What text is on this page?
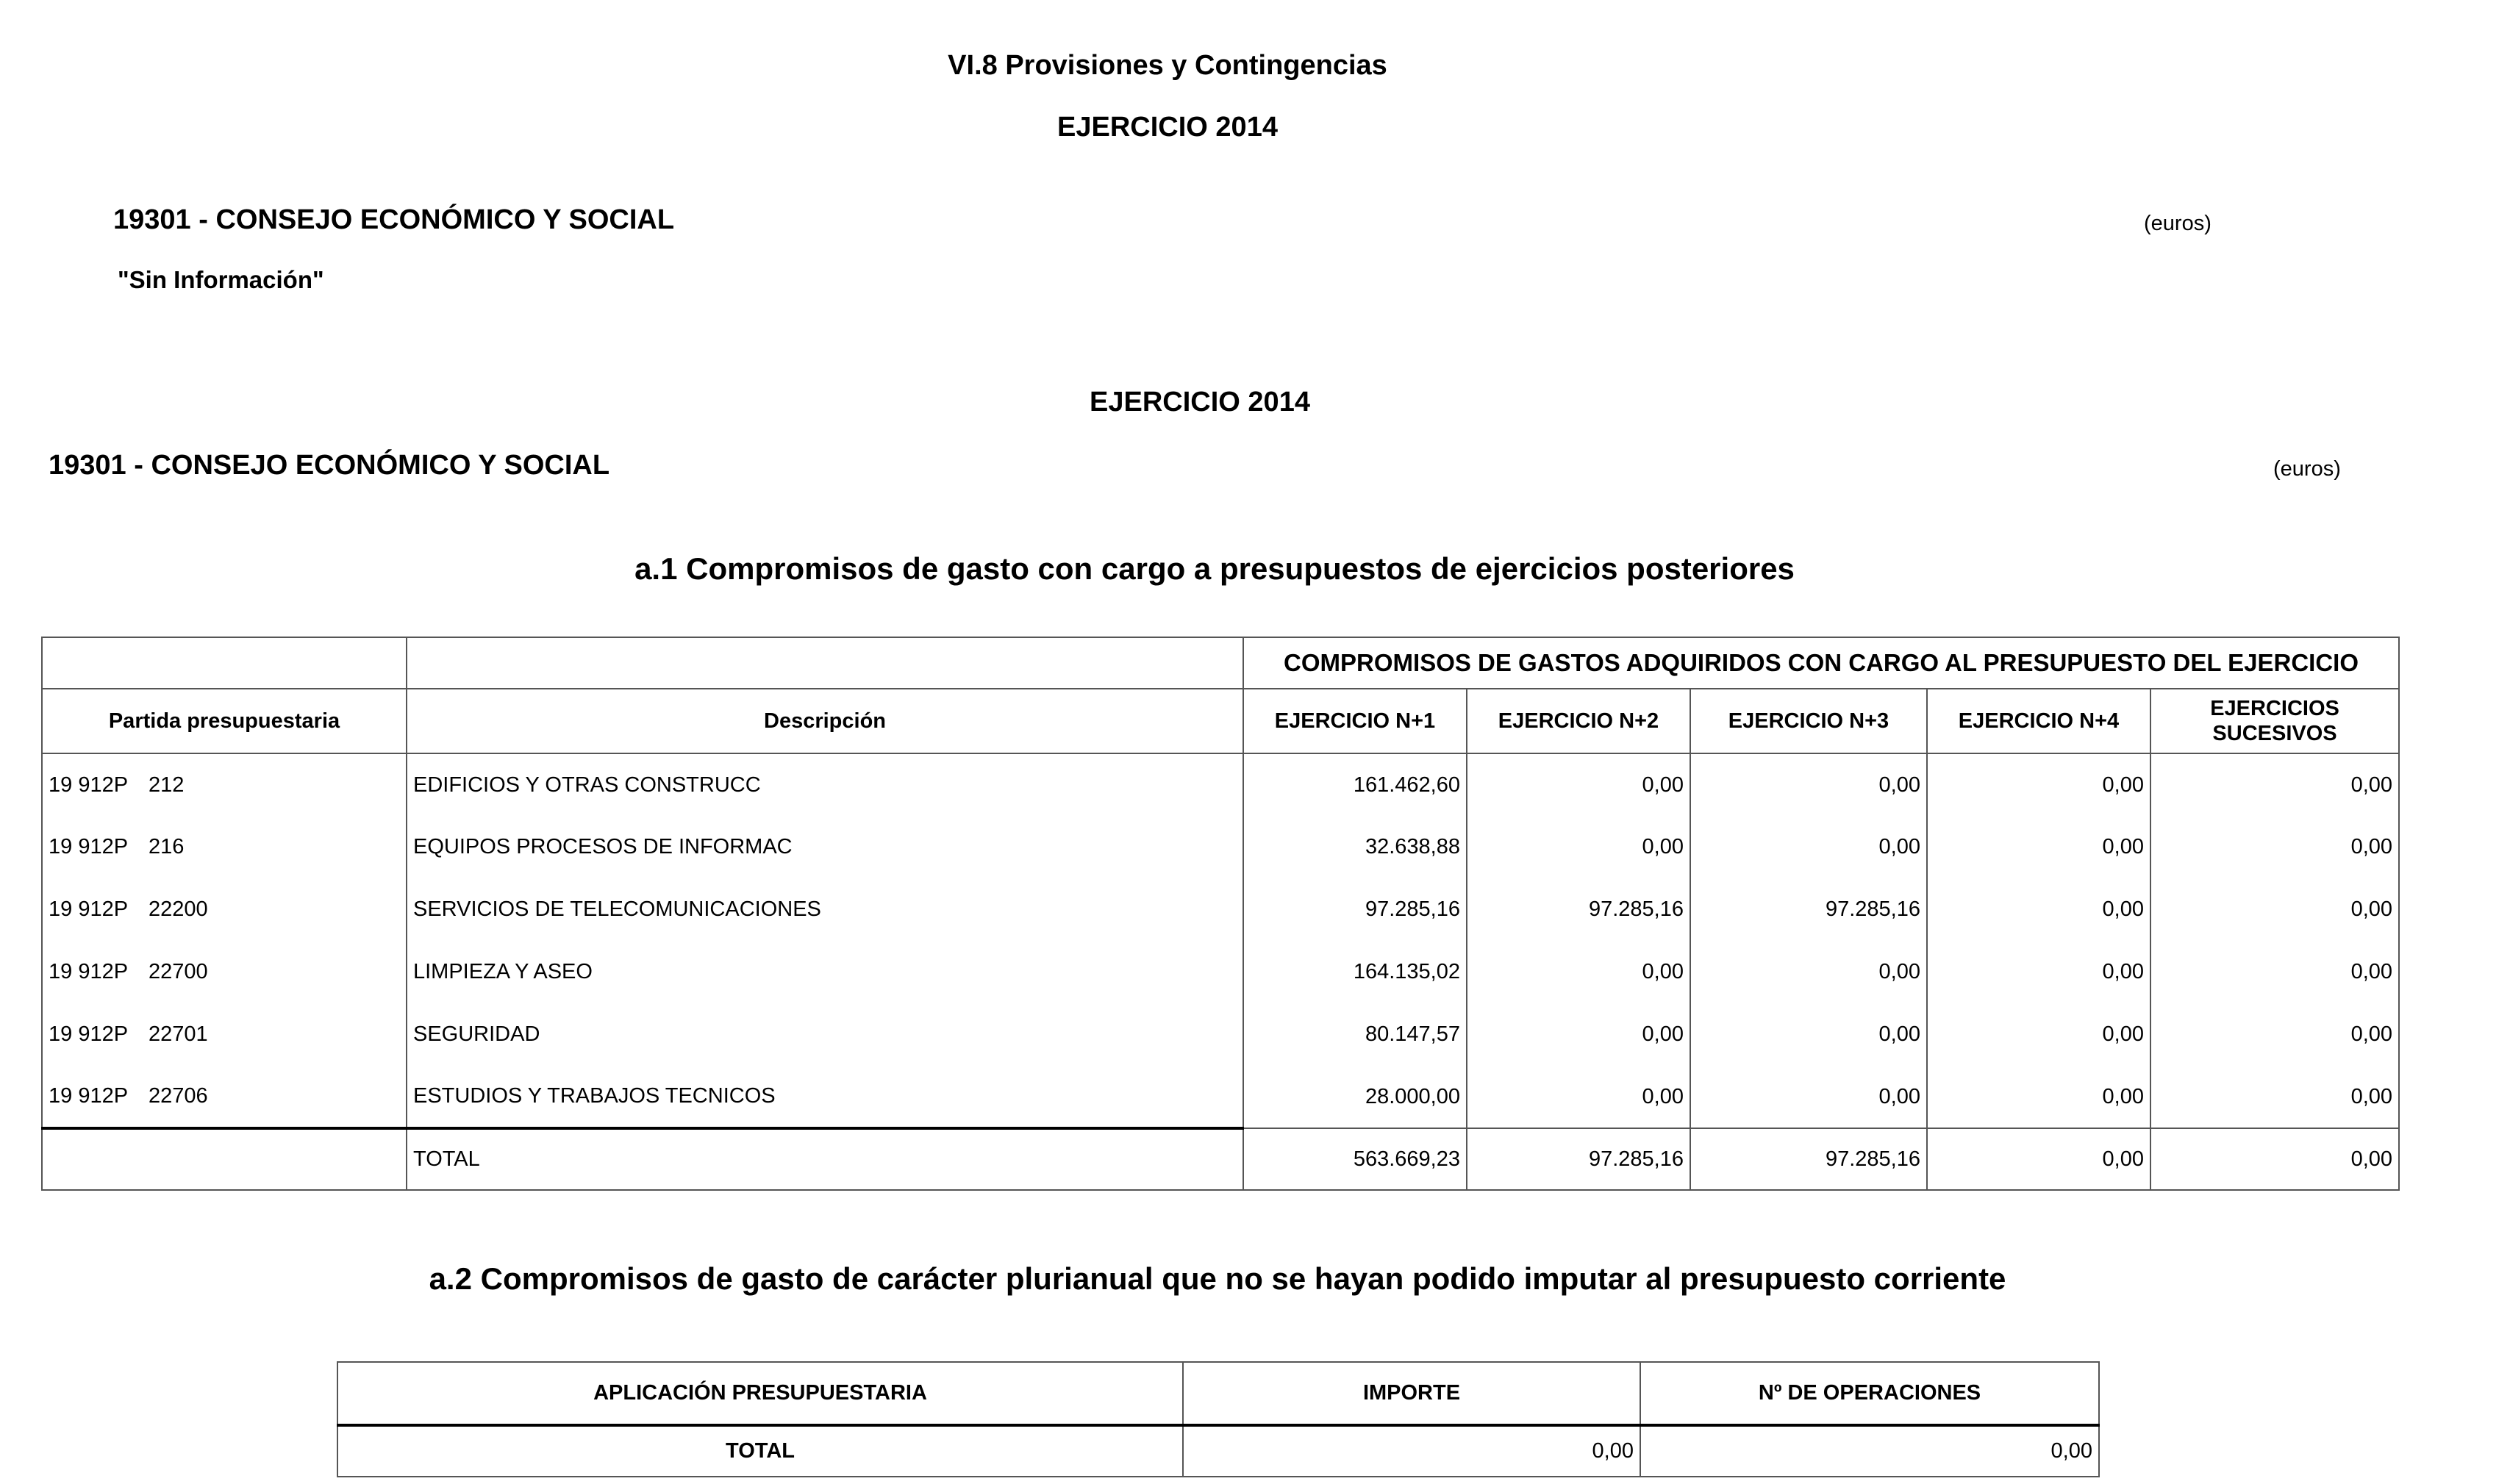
VI.8 Provisiones y Contingencias
EJERCICIO 2014
19301 - CONSEJO ECONÓMICO Y SOCIAL	(euros)
"Sin Información"
EJERCICIO 2014
19301 - CONSEJO ECONÓMICO Y SOCIAL	(euros)
a.1 Compromisos de gasto con cargo a presupuestos de ejercicios posteriores
		COMPROMISOS DE GASTOS ADQUIRIDOS CON CARGO AL PRESUPUESTO DEL EJERCICIO				
Partida presupuestaria	Descripción	EJERCICIO N+1	EJERCICIO N+2	EJERCICIO N+3	EJERCICIO N+4	EJERCICIOS SUCESIVOS
19 912P 212	EDIFICIOS Y OTRAS CONSTRUCC	161.462,60	0,00	0,00	0,00	0,00
19 912P 216	EQUIPOS PROCESOS DE INFORMAC	32.638,88	0,00	0,00	0,00	0,00
19 912P 22200	SERVICIOS DE TELECOMUNICACIONES	97.285,16	97.285,16	97.285,16	0,00	0,00
19 912P 22700	LIMPIEZA Y ASEO	164.135,02	0,00	0,00	0,00	0,00
19 912P 22701	SEGURIDAD	80.147,57	0,00	0,00	0,00	0,00
19 912P 22706	ESTUDIOS Y TRABAJOS TECNICOS	28.000,00	0,00	0,00	0,00	0,00
	TOTAL	563.669,23	97.285,16	97.285,16	0,00	0,00
a.2 Compromisos de gasto de carácter plurianual que no se hayan podido imputar al presupuesto corriente
APLICACIÓN PRESUPUESTARIA	IMPORTE	Nº DE OPERACIONES
TOTAL	0,00	0,00
